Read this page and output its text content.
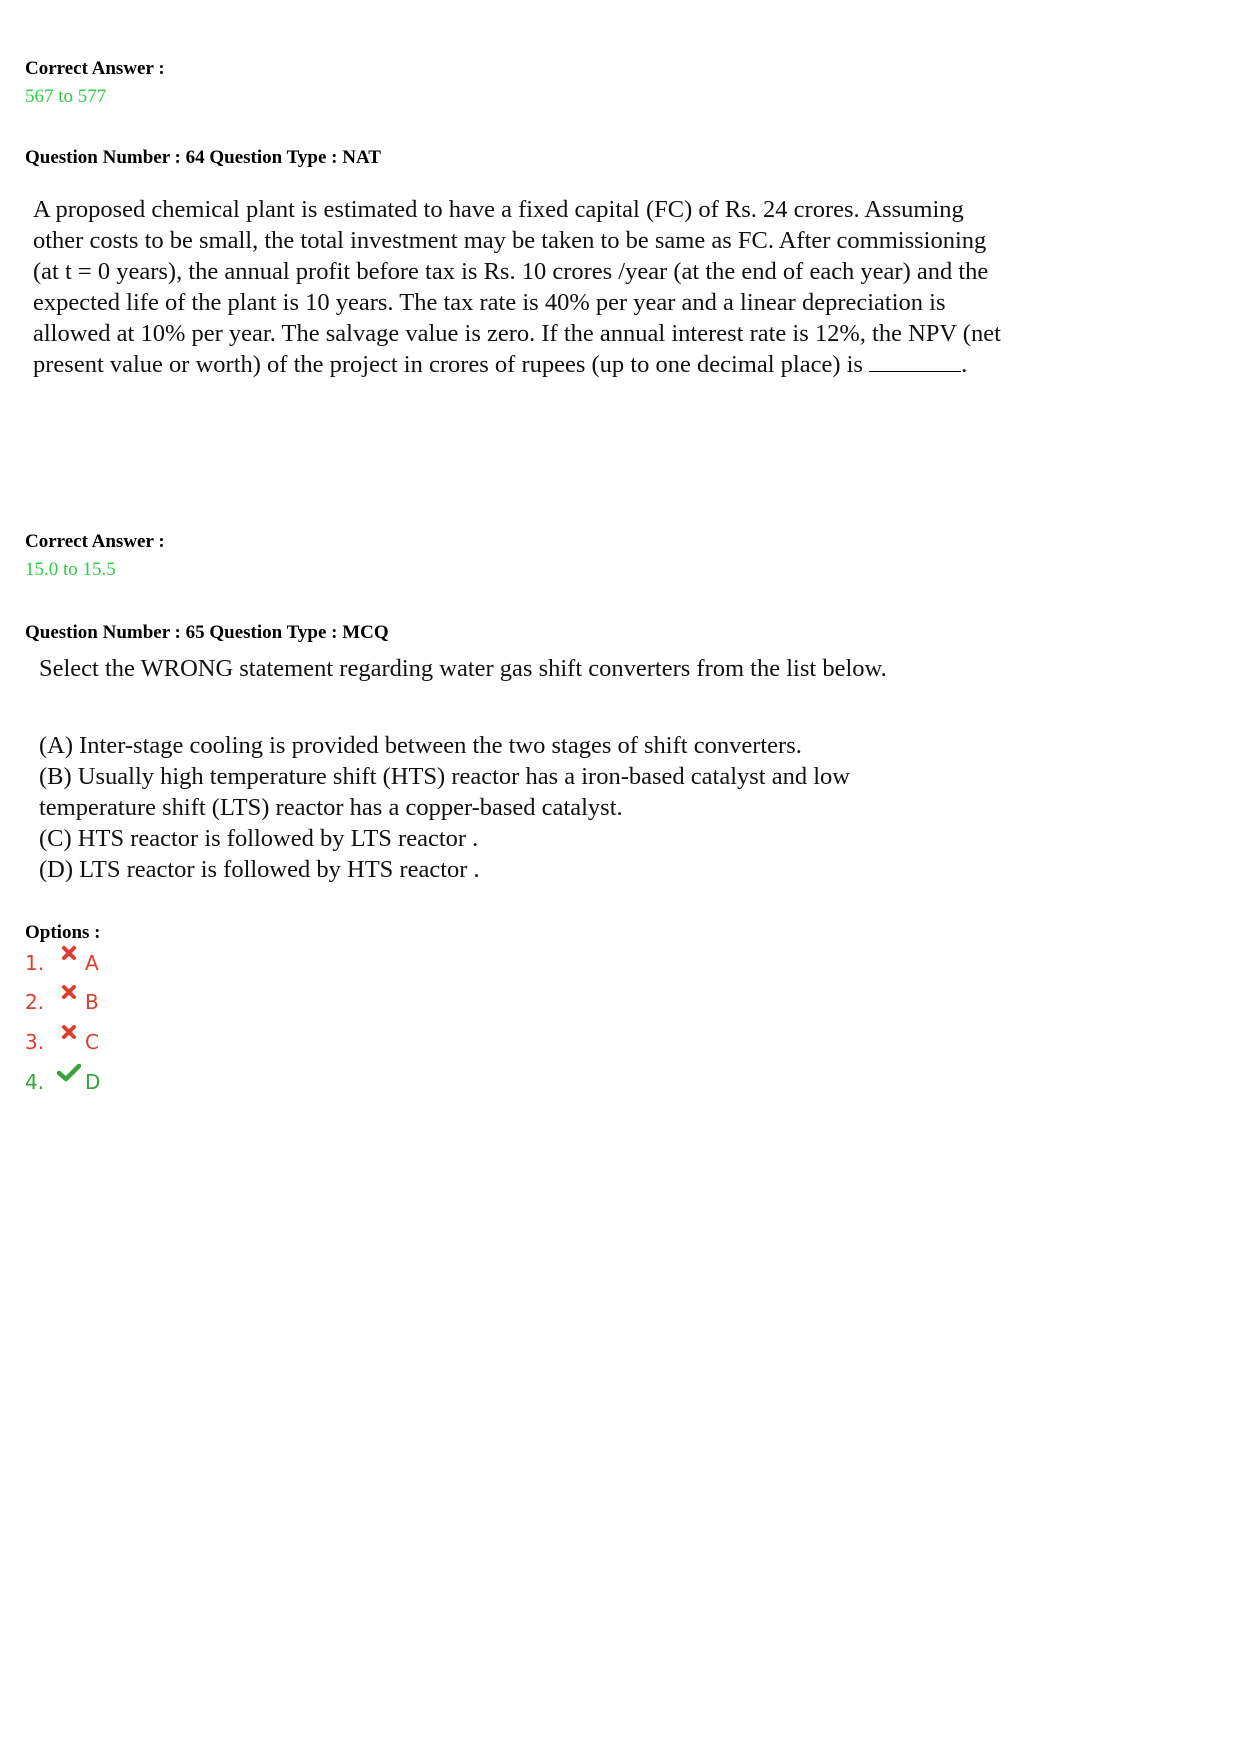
Correct Answer :
567 to 577
Question Number : 64 Question Type : NAT
A proposed chemical plant is estimated to have a fixed capital (FC) of Rs. 24 crores. Assuming
other costs to be small, the total investment may be taken to be same as FC. After commissioning
(at t = 0 years), the annual profit before tax is Rs. 10 crores /year (at the end of each year) and the
expected life of the plant is 10 years. The tax rate is 40% per year and a linear depreciation is
allowed at 10% per year. The salvage value is zero. If the annual interest rate is 12%, the NPV (net
present value or worth) of the project in crores of rupees (up to one decimal place) is	.
Correct Answer :
15.0 to 15.5
Question Number : 65 Question Type : MCQ
Select the WRONG statement regarding water gas shift converters from the list below.
(A) Inter-stage cooling is provided between the two stages of shift converters.
(B) Usually high temperature shift (HTS) reactor has a iron-based catalyst and low
temperature shift (LTS) reactor has a copper-based catalyst.
(C) HTS reactor is followed by LTS reactor .
(D) LTS reactor is followed by HTS reactor .
Options :
1.	A
2.	B
3.	C
4.	D
